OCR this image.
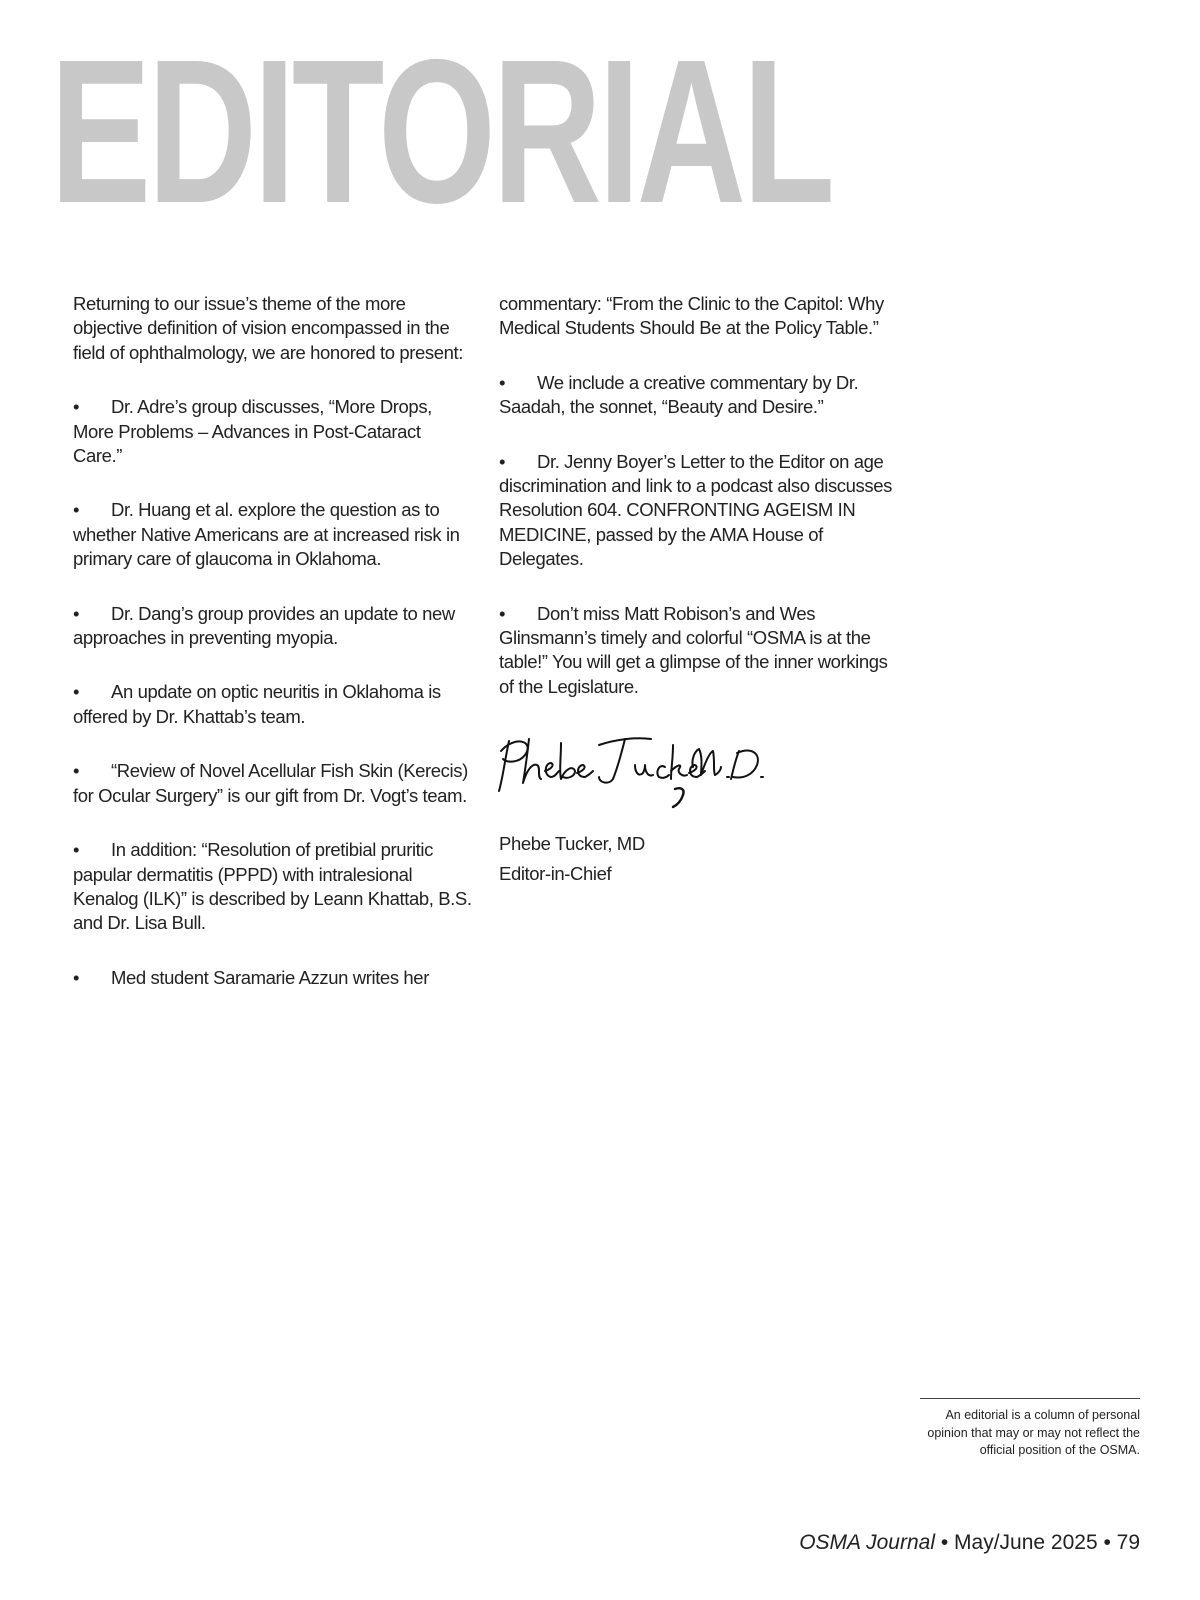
EDITORIAL

Returning to our issue’s theme of the more objective definition of vision encompassed in the field of ophthalmology, we are honored to present:

• Dr. Adre’s group discusses, “More Drops, More Problems – Advances in Post-Cataract Care.”

• Dr. Huang et al. explore the question as to whether Native Americans are at increased risk in primary care of glaucoma in Oklahoma.

• Dr. Dang’s group provides an update to new approaches in preventing myopia.

• An update on optic neuritis in Oklahoma is offered by Dr. Khattab’s team.

• “Review of Novel Acellular Fish Skin (Kerecis) for Ocular Surgery” is our gift from Dr. Vogt’s team.

• In addition: “Resolution of pretibial pruritic papular dermatitis (PPPD) with intralesional Kenalog (ILK)” is described by Leann Khattab, B.S. and Dr. Lisa Bull.

• Med student Saramarie Azzun writes her

commentary: “From the Clinic to the Capitol: Why Medical Students Should Be at the Policy Table.”

• We include a creative commentary by Dr. Saadah, the sonnet, “Beauty and Desire.”

• Dr. Jenny Boyer’s Letter to the Editor on age discrimination and link to a podcast also discusses Resolution 604. CONFRONTING AGEISM IN MEDICINE, passed by the AMA House of Delegates.

• Don’t miss Matt Robison’s and Wes Glinsmann’s timely and colorful “OSMA is at the table!” You will get a glimpse of the inner workings of the Legislature.

Phebe Tucker, MD

Editor-in-Chief

An editorial is a column of personal opinion that may or may not reflect the official position of the OSMA.
OSMA Journal • May/June 2025 • 79
